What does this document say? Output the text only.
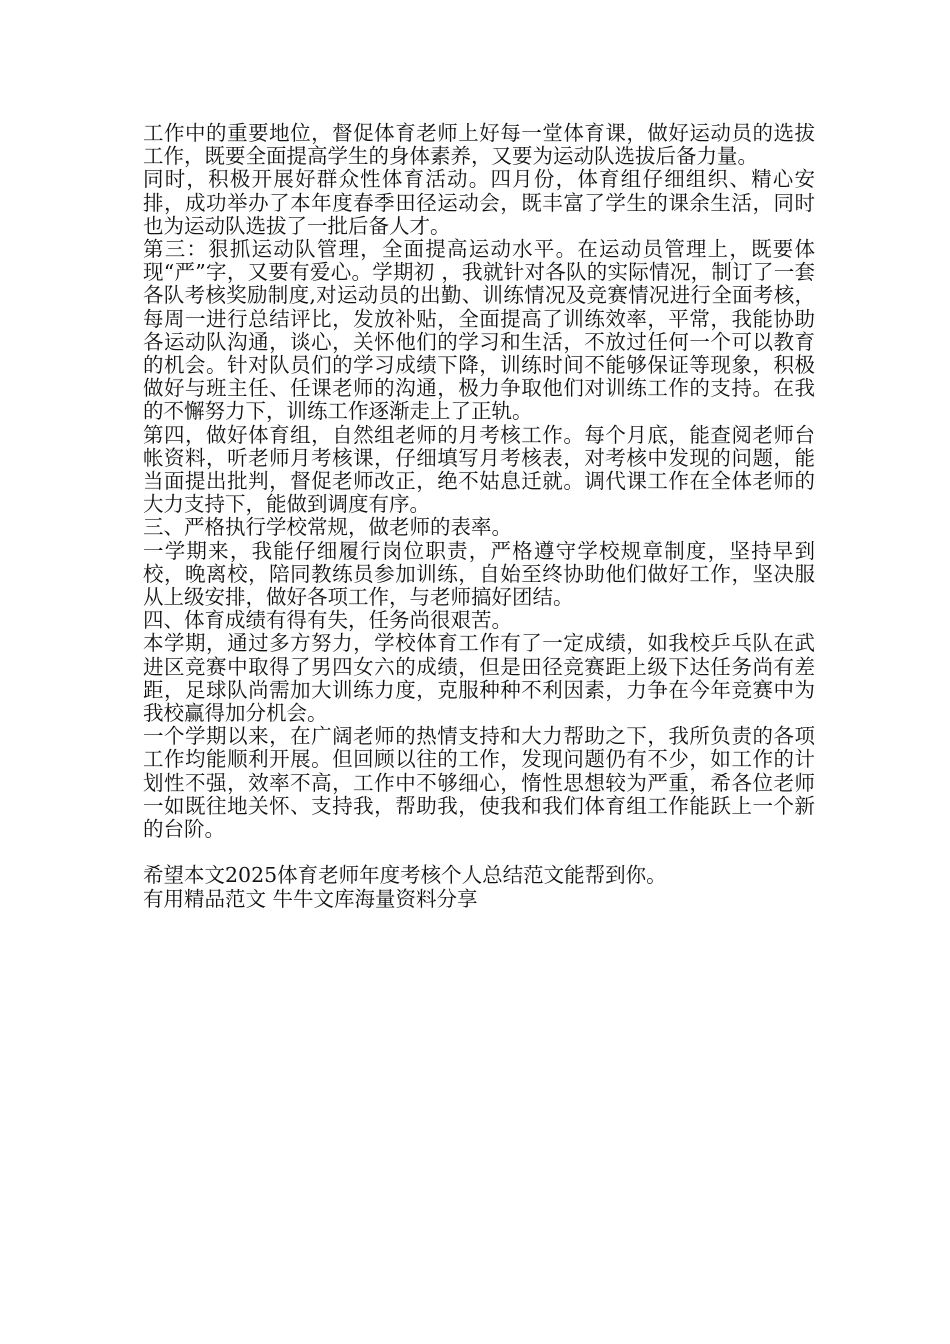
工作中的重要地位，督促体育老师上好每一堂体育课，做好运动员的选拔工作，既要全面提高学生的身体素养，又要为运动队选拔后备力量。

同时，积极开展好群众性体育活动。四月份，体育组仔细组织、精心安排，成功举办了本年度春季田径运动会，既丰富了学生的课余生活，同时也为运动队选拔了一批后备人才。

第三：狠抓运动队管理，全面提高运动水平。在运动员管理上，既要体现“严”字，又要有爱心。学期初 ，我就针对各队的实际情况，制订了一套各队考核奖励制度,对运动员的出勤、训练情况及竞赛情况进行全面考核，每周一进行总结评比，发放补贴，全面提高了训练效率，平常，我能协助各运动队沟通，谈心，关怀他们的学习和生活，不放过任何一个可以教育的机会。针对队员们的学习成绩下降，训练时间不能够保证等现象，积极做好与班主任、任课老师的沟通，极力争取他们对训练工作的支持。在我的不懈努力下，训练工作逐渐走上了正轨。

第四，做好体育组，自然组老师的月考核工作。每个月底，能查阅老师台帐资料，听老师月考核课，仔细填写月考核表，对考核中发现的问题，能当面提出批判，督促老师改正，绝不姑息迁就。调代课工作在全体老师的大力支持下，能做到调度有序。

三、严格执行学校常规，做老师的表率。

一学期来，我能仔细履行岗位职责，严格遵守学校规章制度，坚持早到校，晚离校，陪同教练员参加训练，自始至终协助他们做好工作，坚决服从上级安排，做好各项工作，与老师搞好团结。

四、体育成绩有得有失，任务尚很艰苦。

本学期，通过多方努力，学校体育工作有了一定成绩，如我校乒乓队在武进区竞赛中取得了男四女六的成绩，但是田径竞赛距上级下达任务尚有差距，足球队尚需加大训练力度，克服种种不利因素，力争在今年竞赛中为我校赢得加分机会。

一个学期以来，在广阔老师的热情支持和大力帮助之下，我所负责的各项工作均能顺利开展。但回顾以往的工作，发现问题仍有不少，如工作的计划性不强，效率不高，工作中不够细心，惰性思想较为严重，希各位老师一如既往地关怀、支持我，帮助我，使我和我们体育组工作能跃上一个新的台阶。

希望本文2025体育老师年度考核个人总结范文能帮到你。

有用精品范文 牛牛文库海量资料分享
